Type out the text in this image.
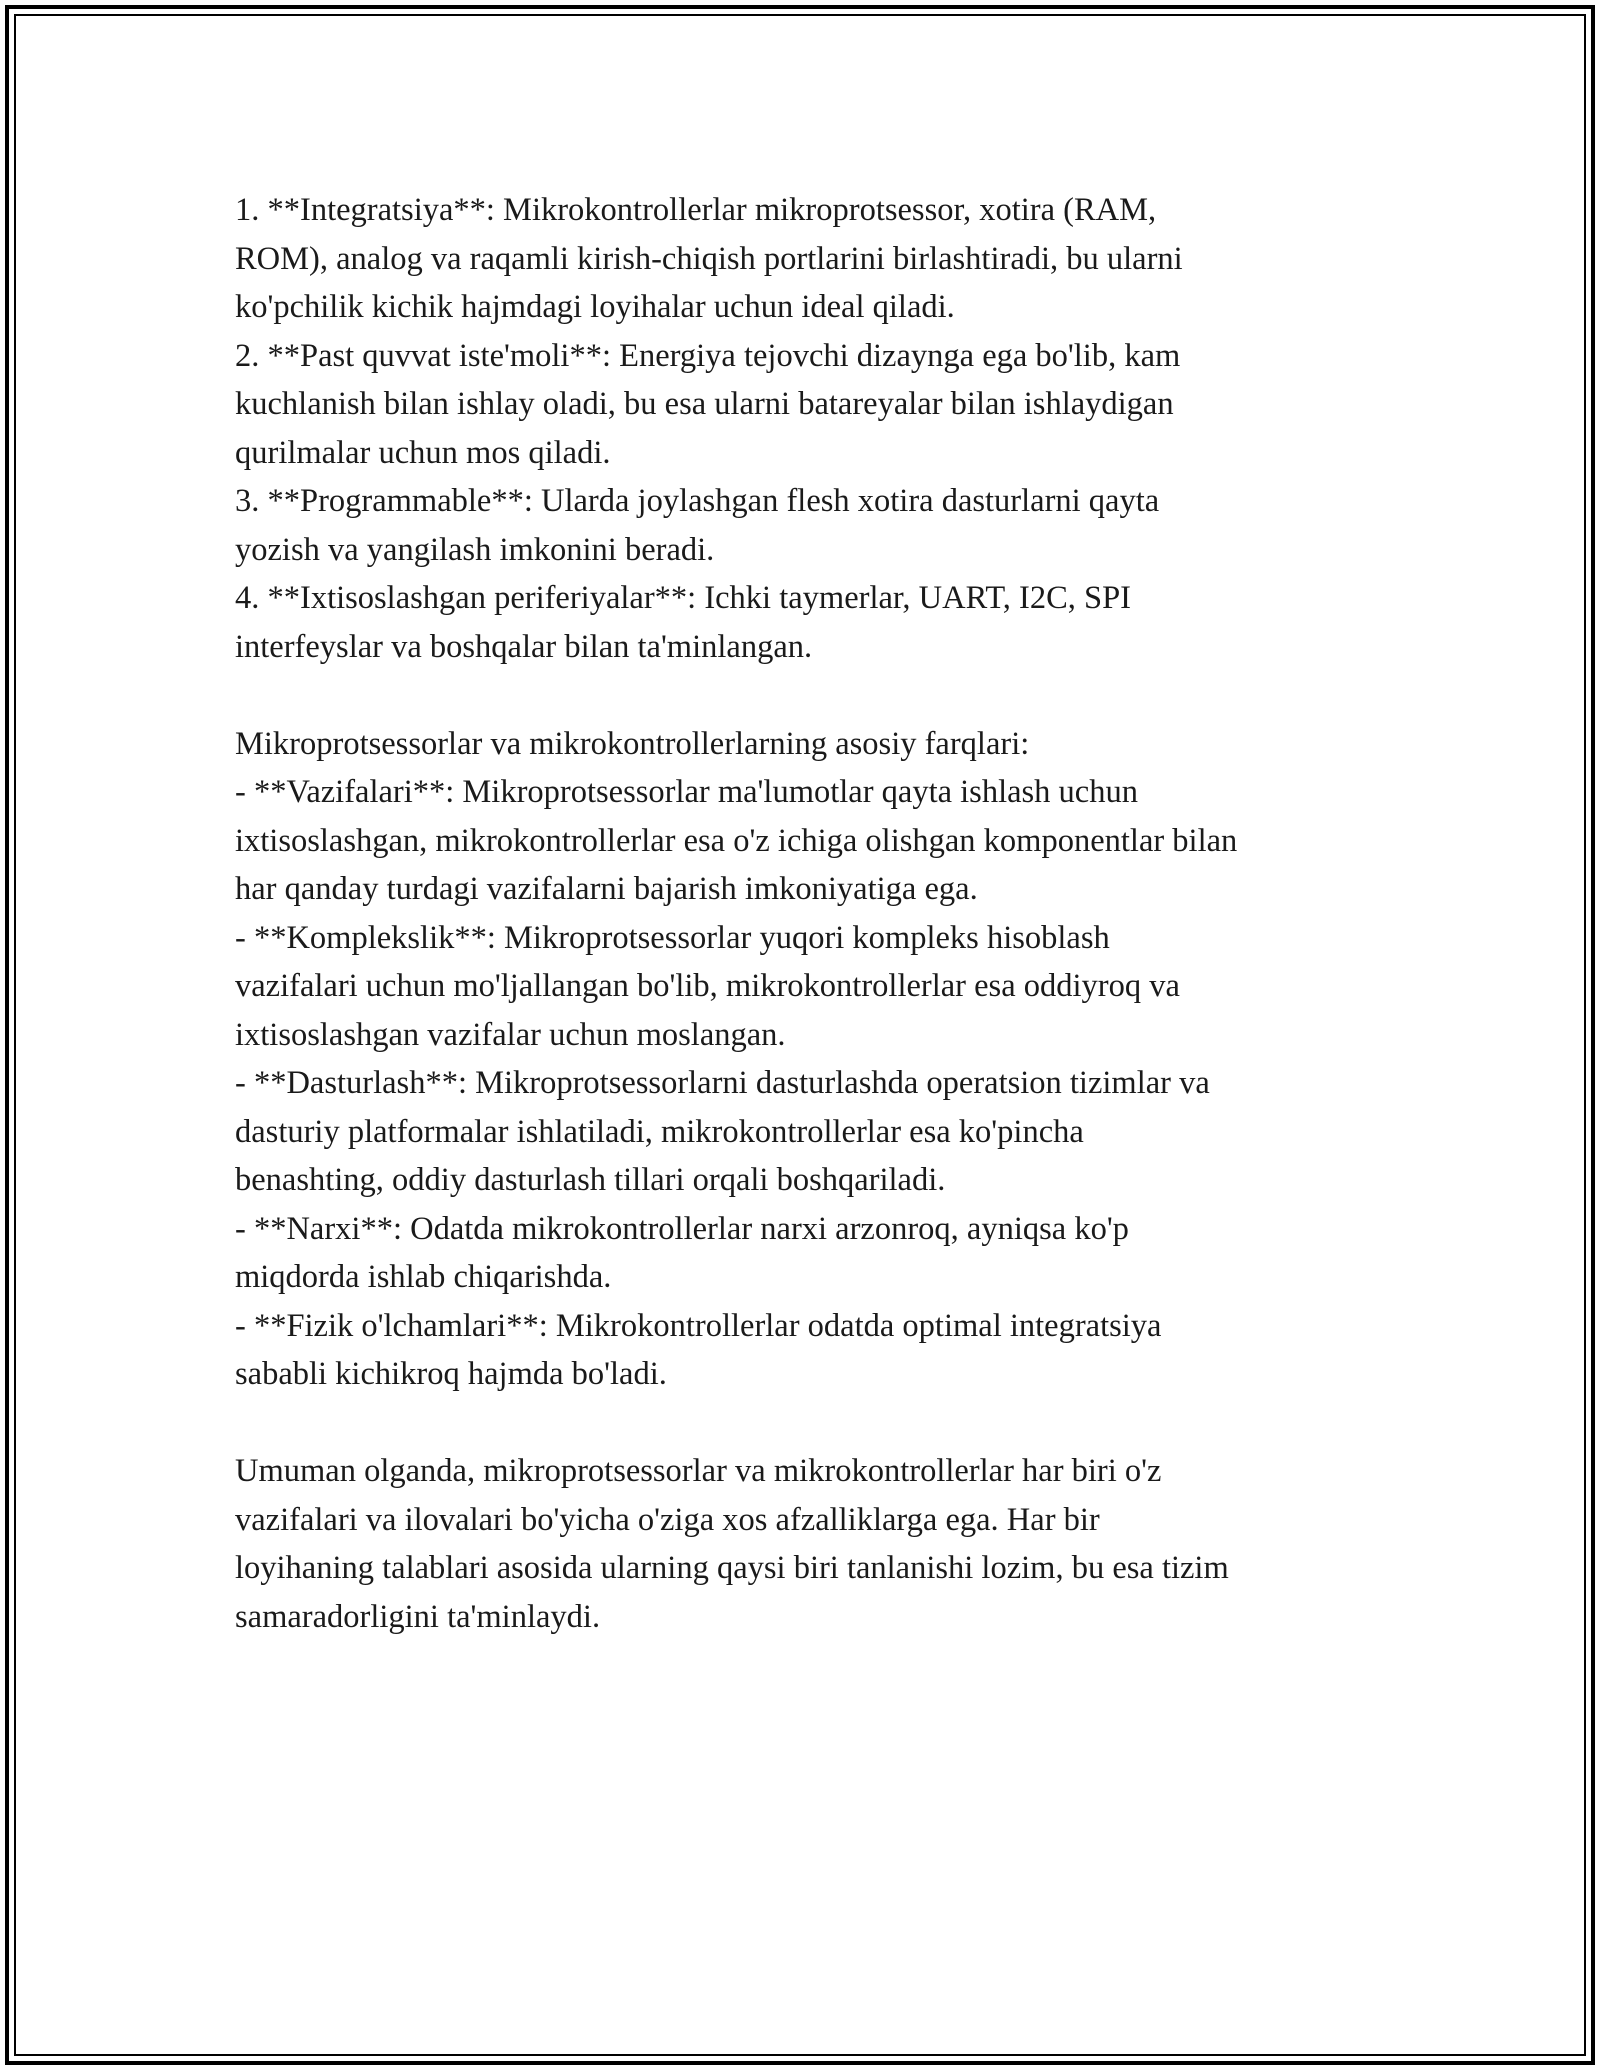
1. **Integratsiya**: Mikrokontrollerlar mikroprotsessor, xotira (RAM,
ROM), analog va raqamli kirish-chiqish portlarini birlashtiradi, bu ularni
ko'pchilik kichik hajmdagi loyihalar uchun ideal qiladi.
2. **Past quvvat iste'moli**: Energiya tejovchi dizaynga ega bo'lib, kam
kuchlanish bilan ishlay oladi, bu esa ularni batareyalar bilan ishlaydigan
qurilmalar uchun mos qiladi.
3. **Programmable**: Ularda joylashgan flesh xotira dasturlarni qayta
yozish va yangilash imkonini beradi.
4. **Ixtisoslashgan periferiyalar**: Ichki taymerlar, UART, I2C, SPI
interfeyslar va boshqalar bilan ta'minlangan.
Mikroprotsessorlar va mikrokontrollerlarning asosiy farqlari:
- **Vazifalari**: Mikroprotsessorlar ma'lumotlar qayta ishlash uchun
ixtisoslashgan, mikrokontrollerlar esa o'z ichiga olishgan komponentlar bilan
har qanday turdagi vazifalarni bajarish imkoniyatiga ega.
- **Komplekslik**: Mikroprotsessorlar yuqori kompleks hisoblash
vazifalari uchun mo'ljallangan bo'lib, mikrokontrollerlar esa oddiyroq va
ixtisoslashgan vazifalar uchun moslangan.
- **Dasturlash**: Mikroprotsessorlarni dasturlashda operatsion tizimlar va
dasturiy platformalar ishlatiladi, mikrokontrollerlar esa ko'pincha
benashting, oddiy dasturlash tillari orqali boshqariladi.
- **Narxi**: Odatda mikrokontrollerlar narxi arzonroq, ayniqsa ko'p
miqdorda ishlab chiqarishda.
- **Fizik o'lchamlari**: Mikrokontrollerlar odatda optimal integratsiya
sababli kichikroq hajmda bo'ladi.
Umuman olganda, mikroprotsessorlar va mikrokontrollerlar har biri o'z
vazifalari va ilovalari bo'yicha o'ziga xos afzalliklarga ega. Har bir
loyihaning talablari asosida ularning qaysi biri tanlanishi lozim, bu esa tizim
samaradorligini ta'minlaydi.
